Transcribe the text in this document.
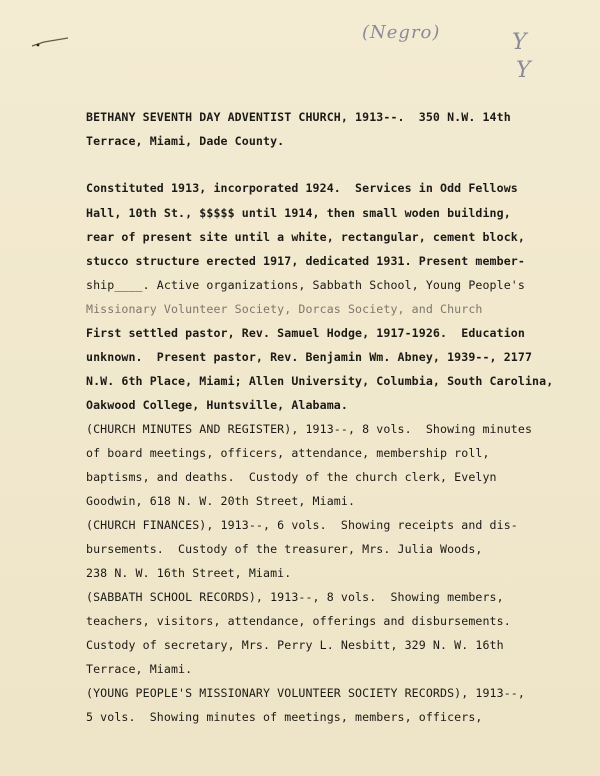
(Negro)	Y
Y
BETHANY SEVENTH DAY ADVENTIST CHURCH, 1913--.  350 N.W. 14th
Terrace, Miami, Dade County.
Constituted 1913, incorporated 1924.  Services in Odd Fellows
Hall, 10th St., $$$$$ until 1914, then small woden building,
rear of present site until a white, rectangular, cement block,
stucco structure erected 1917, dedicated 1931. Present member-
ship____. Active organizations, Sabbath School, Young People's
Missionary Volunteer Society, Dorcas Society, and Church
First settled pastor, Rev. Samuel Hodge, 1917-1926.  Education
unknown.  Present pastor, Rev. Benjamin Wm. Abney, 1939--, 2177
N.W. 6th Place, Miami; Allen University, Columbia, South Carolina,
Oakwood College, Huntsville, Alabama.
(CHURCH MINUTES AND REGISTER), 1913--, 8 vols.  Showing minutes
of board meetings, officers, attendance, membership roll,
baptisms, and deaths.  Custody of the church clerk, Evelyn
Goodwin, 618 N. W. 20th Street, Miami.
(CHURCH FINANCES), 1913--, 6 vols.  Showing receipts and dis-
bursements.  Custody of the treasurer, Mrs. Julia Woods,
238 N. W. 16th Street, Miami.
(SABBATH SCHOOL RECORDS), 1913--, 8 vols.  Showing members,
teachers, visitors, attendance, offerings and disbursements.
Custody of secretary, Mrs. Perry L. Nesbitt, 329 N. W. 16th
Terrace, Miami.
(YOUNG PEOPLE'S MISSIONARY VOLUNTEER SOCIETY RECORDS), 1913--,
5 vols.  Showing minutes of meetings, members, officers,
